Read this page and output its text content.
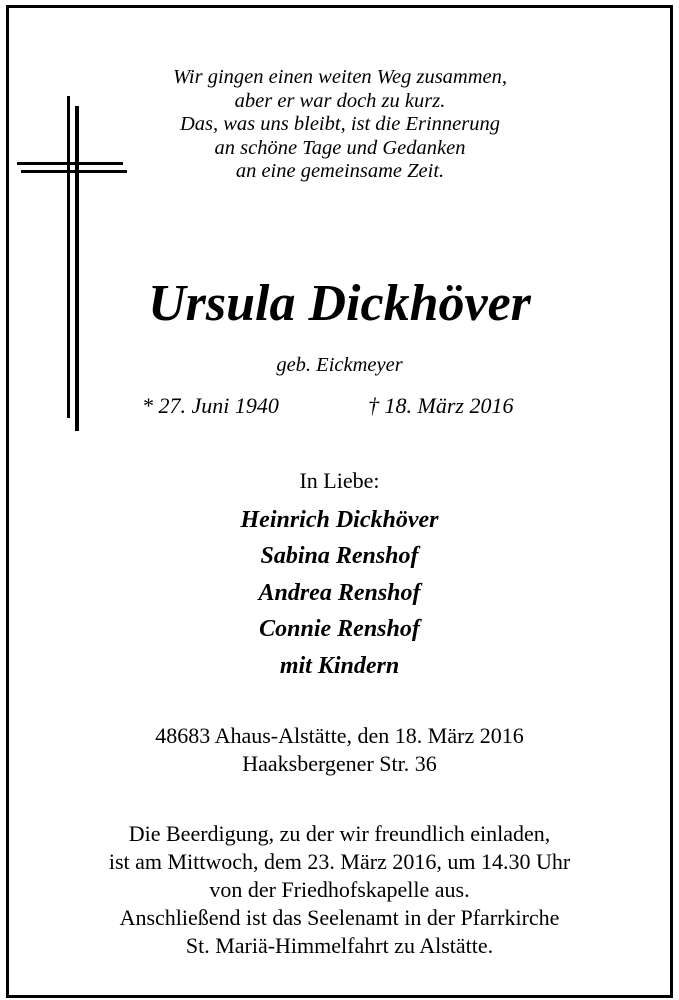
Wir gingen einen weiten Weg zusammen,
aber er war doch zu kurz.
Das, was uns bleibt, ist die Erinnerung
an schöne Tage und Gedanken
an eine gemeinsame Zeit.
Ursula Dickhöver
geb. Eickmeyer
* 27. Juni 1940	† 18. März 2016
In Liebe:
Heinrich Dickhöver
Sabina Renshof
Andrea Renshof
Connie Renshof
mit Kindern
48683 Ahaus-Alstätte, den 18. März 2016
Haaksbergener Str. 36
Die Beerdigung, zu der wir freundlich einladen,
ist am Mittwoch, dem 23. März 2016, um 14.30 Uhr
von der Friedhofskapelle aus.
Anschließend ist das Seelenamt in der Pfarrkirche
St. Mariä-Himmelfahrt zu Alstätte.
